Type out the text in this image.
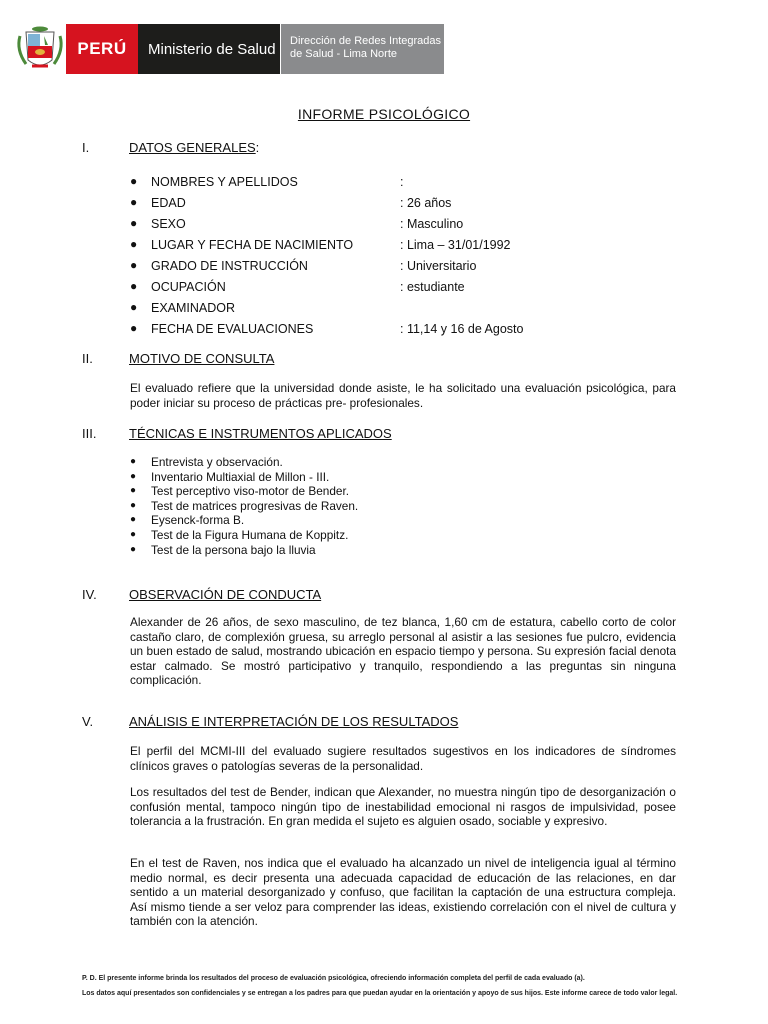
PERÚ	Ministerio de Salud	Dirección de Redes Integradas
de Salud - Lima Norte
INFORME PSICOLÓGICO
I.	DATOS GENERALES:
● NOMBRES Y APELLIDOS	:
● EDAD	: 26 años
● SEXO	: Masculino
● LUGAR Y FECHA DE NACIMIENTO	: Lima – 31/01/1992
● GRADO DE INSTRUCCIÓN	: Universitario
● OCUPACIÓN	: estudiante
● EXAMINADOR
● FECHA DE EVALUACIONES	: 11,14 y 16 de Agosto
II.	MOTIVO DE CONSULTA
El evaluado refiere que la universidad donde asiste, le ha solicitado una evaluación psicológica, para poder iniciar su proceso de prácticas pre- profesionales.
III.	TÉCNICAS E INSTRUMENTOS APLICADOS
● Entrevista y observación.
● Inventario Multiaxial de Millon - III.
● Test perceptivo viso-motor de Bender.
● Test de matrices progresivas de Raven.
● Eysenck-forma B.
● Test de la Figura Humana de Koppitz.
● Test de la persona bajo la lluvia
IV. OBSERVACIÓN DE CONDUCTA
Alexander de 26 años, de sexo masculino, de tez blanca, 1,60 cm de estatura, cabello corto de color castaño claro, de complexión gruesa, su arreglo personal al asistir a las sesiones fue pulcro, evidencia un buen estado de salud, mostrando ubicación en espacio tiempo y persona. Su expresión facial denota estar calmado. Se mostró participativo y tranquilo, respondiendo a las preguntas sin ninguna complicación.
V.	ANÁLISIS E INTERPRETACIÓN DE LOS RESULTADOS
El perfil del MCMI-III del evaluado sugiere resultados sugestivos en los indicadores de síndromes clínicos graves o patologías severas de la personalidad.
Los resultados del test de Bender, indican que Alexander, no muestra ningún tipo de desorganización o confusión mental, tampoco ningún tipo de inestabilidad emocional ni rasgos de impulsividad, posee tolerancia a la frustración. En gran medida el sujeto es alguien osado, sociable y expresivo.
En el test de Raven, nos indica que el evaluado ha alcanzado un nivel de inteligencia igual al término medio normal, es decir presenta una adecuada capacidad de educación de las relaciones, en dar sentido a un material desorganizado y confuso, que facilitan la captación de una estructura compleja. Así mismo tiende a ser veloz para comprender las ideas, existiendo correlación con el nivel de cultura y también con la atención.
P. D. El presente informe brinda los resultados del proceso de evaluación psicológica, ofreciendo información completa del perfil de cada evaluado (a).
Los datos aquí presentados son confidenciales y se entregan a los padres para que puedan ayudar en la orientación y apoyo de sus hijos. Este informe carece de todo valor legal.
